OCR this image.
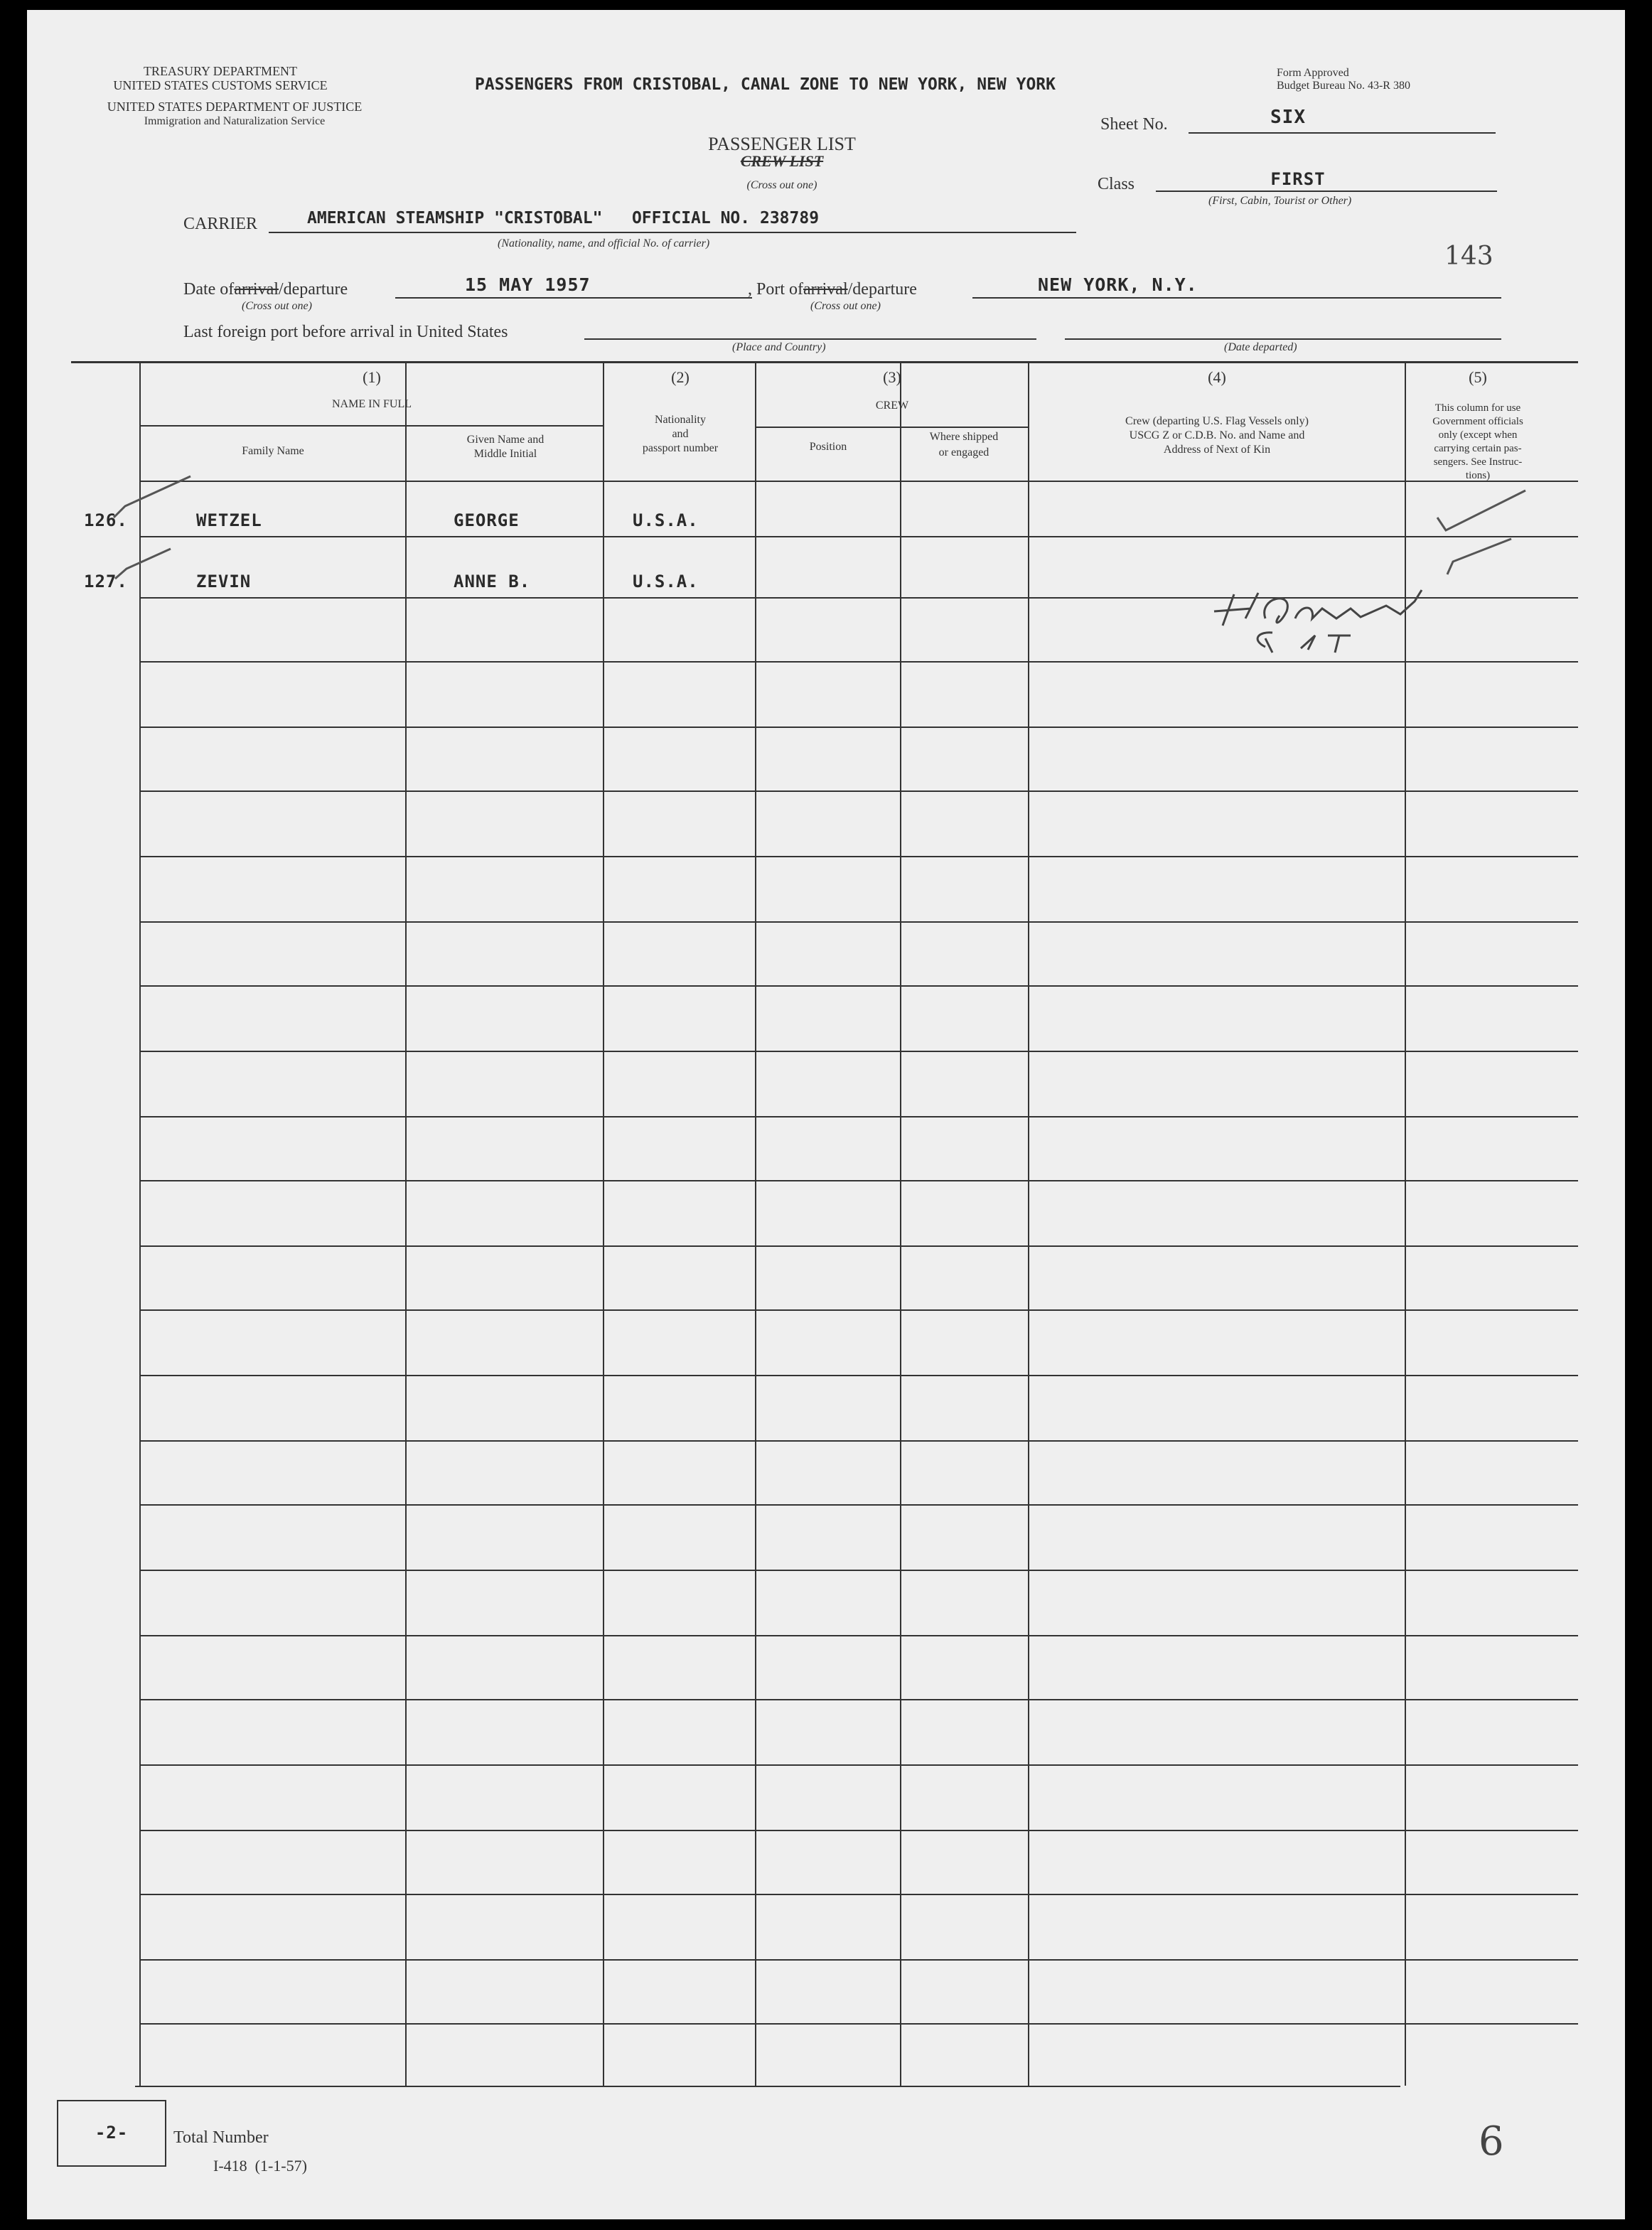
TREASURY DEPARTMENT
UNITED STATES CUSTOMS SERVICE
UNITED STATES DEPARTMENT OF JUSTICE
Immigration and Naturalization Service
PASSENGERS FROM CRISTOBAL, CANAL ZONE TO NEW YORK, NEW YORK
Form Approved
Budget Bureau No. 43-R 380
PASSENGER LIST
CREW LIST
(Cross out one)
Sheet No.	SIX
Class	FIRST
(First, Cabin, Tourist or Other)
143
CARRIER	AMERICAN STEAMSHIP "CRISTOBAL"   OFFICIAL NO. 238789
(Nationality, name, and official No. of carrier)
Date ofarrival/departure	15 MAY 1957
(Cross out one)
, Port ofarrival/departure	NEW YORK, N.Y.
(Cross out one)
Last foreign port before arrival in United States
(Place and Country)	(Date departed)
(1)
NAME IN FULL
Family Name
Given Name and
Middle Initial
(2)
Nationality
and
passport number
(3)
CREW
Position
Where shipped
or engaged
(4)
Crew (departing U.S. Flag Vessels only)
USCG Z or C.D.B. No. and Name and
Address of Next of Kin
(5)
This column for use
Government officials
only (except when
carrying certain pas-
sengers. See Instruc-
tions)
126.	WETZEL	GEORGE	U.S.A.
127.	ZEVIN	ANNE B.	U.S.A.
-2-	Total Number
I-418  (1-1-57)
6
